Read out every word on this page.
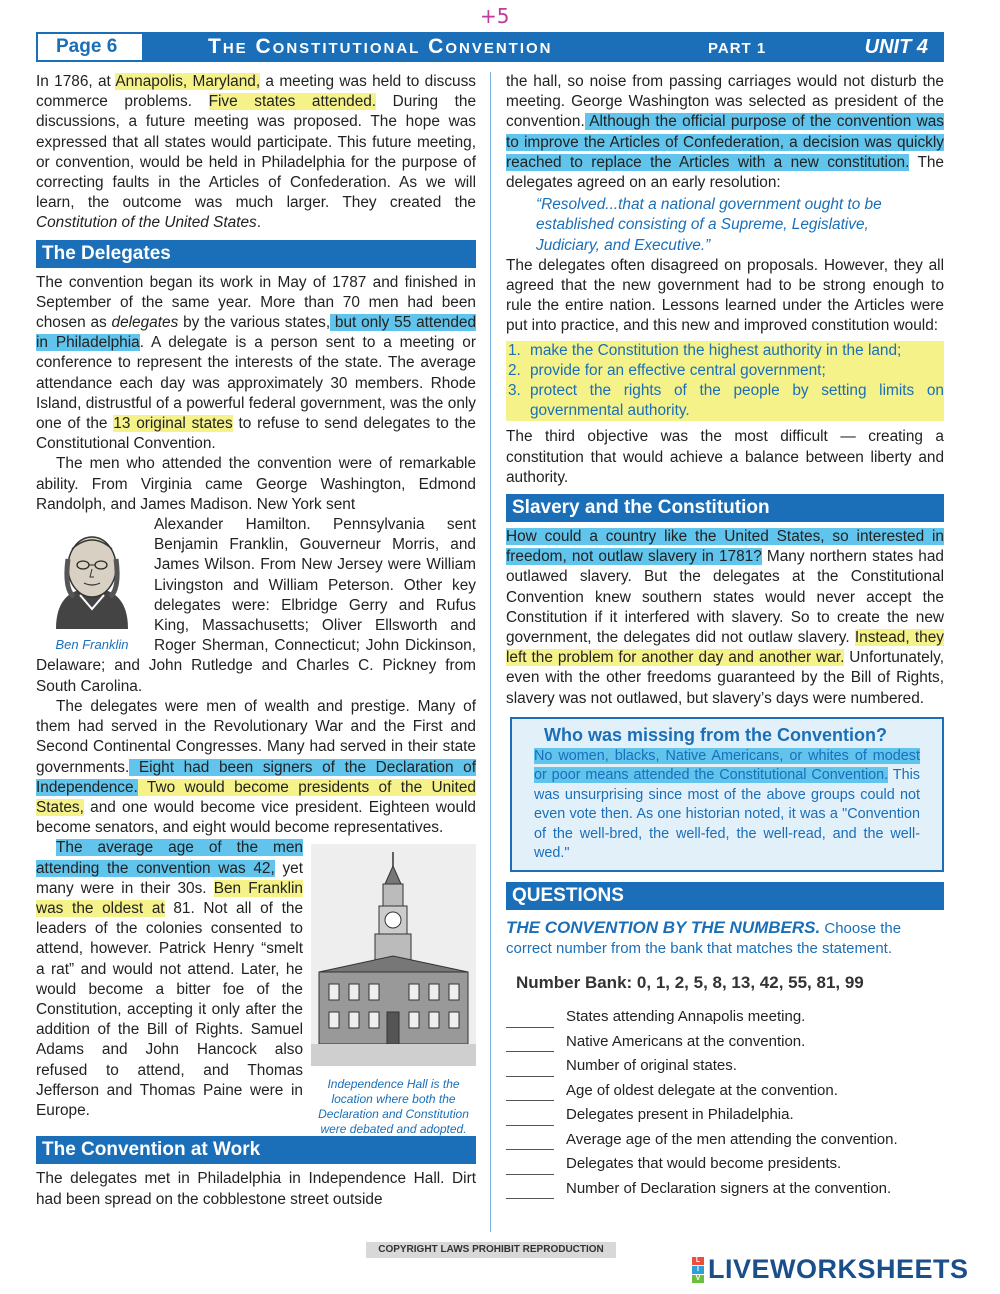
+5
Page 6	The Constitutional Convention	PART 1	UNIT 4

In 1786, at Annapolis, Maryland, a meeting was held to discuss commerce problems. Five states attended. During the discussions, a future meeting was proposed. The hope was expressed that all states would participate. This future meeting, or convention, would be held in Philadelphia for the purpose of correcting faults in the Articles of Confederation. As we will learn, the outcome was much larger. They created the Constitution of the United States.

The Delegates

The convention began its work in May of 1787 and finished in September of the same year. More than 70 men had been chosen as delegates by the various states, but only 55 attended in Philadelphia. A delegate is a person sent to a meeting or conference to represent the interests of the state. The average attendance each day was approximately 30 members. Rhode Island, distrustful of a powerful federal government, was the only one of the 13 original states to refuse to send delegates to the Constitutional Convention.

The men who attended the convention were of remarkable ability. From Virginia came George Washington, Edmond Randolph, and James Madison. New York sent

Ben Franklin

Alexander Hamilton. Pennsylvania sent Benjamin Franklin, Gouverneur Morris, and James Wilson. From New Jersey were William Livingston and William Peterson. Other key delegates were: Elbridge Gerry and Rufus King, Massachusetts; Oliver Ellsworth and Roger Sherman, Connecticut; John Dickinson, Delaware; and John Rutledge and Charles C. Pickney from South Carolina.

The delegates were men of wealth and prestige. Many of them had served in the Revolutionary War and the First and Second Continental Congresses. Many had served in their state governments. Eight had been signers of the Declaration of Independence. Two would become presidents of the United States, and one would become vice president. Eighteen would become senators, and eight would become representatives.

Independence Hall is the location where both the Declaration and Constitution were debated and adopted.

The average age of the men attending the convention was 42, yet many were in their 30s. Ben Franklin was the oldest at 81. Not all of the leaders of the colonies consented to attend, however. Patrick Henry “smelt a rat” and would not attend. Later, he would become a bitter foe of the Constitution, accepting it only after the addition of the Bill of Rights. Samuel Adams and John Hancock also refused to attend, and Thomas Jefferson and Thomas Paine were in Europe.

The Convention at Work

The delegates met in Philadelphia in Independence Hall. Dirt had been spread on the cobblestone street outside

the hall, so noise from passing carriages would not disturb the meeting. George Washington was selected as president of the convention. Although the official purpose of the convention was to improve the Articles of Confederation, a decision was quickly reached to replace the Articles with a new constitution. The delegates agreed on an early resolution:

“Resolved...that a national government ought to be established consisting of a Supreme, Legislative, Judiciary, and Executive.”

The delegates often disagreed on proposals. However, they all agreed that the new government had to be strong enough to rule the entire nation. Lessons learned under the Articles were put into practice, and this new and improved constitution would:

1. make the Constitution the highest authority in the land;
2. provide for an effective central government;
3. protect the rights of the people by setting limits on governmental authority.

The third objective was the most difficult — creating a constitution that would achieve a balance between liberty and authority.

Slavery and the Constitution

How could a country like the United States, so interested in freedom, not outlaw slavery in 1781? Many northern states had outlawed slavery. But the delegates at the Constitutional Convention knew southern states would never accept the Constitution if it interfered with slavery. So to create the new government, the delegates did not outlaw slavery. Instead, they left the problem for another day and another war. Unfortunately, even with the other freedoms guaranteed by the Bill of Rights, slavery was not outlawed, but slavery’s days were numbered.

Who was missing from the Convention?
No women, blacks, Native Americans, or whites of modest or poor means attended the Constitutional Convention. This was unsurprising since most of the above groups could not even vote then. As one historian noted, it was a "Convention of the well-bred, the well-fed, the well-read, and the well-wed."
QUESTIONS

THE CONVENTION BY THE NUMBERS. Choose the correct number from the bank that matches the statement.

Number Bank: 0, 1, 2, 5, 8, 13, 42, 55, 81, 99
States attending Annapolis meeting.
Native Americans at the convention.
Number of original states.
Age of oldest delegate at the convention.
Delegates present in Philadelphia.
Average age of the men attending the convention.
Delegates that would become presidents.
Number of Declaration signers at the convention.
COPYRIGHT LAWS PROHIBIT REPRODUCTION
L
I
V LIVEWORKSHEETS
